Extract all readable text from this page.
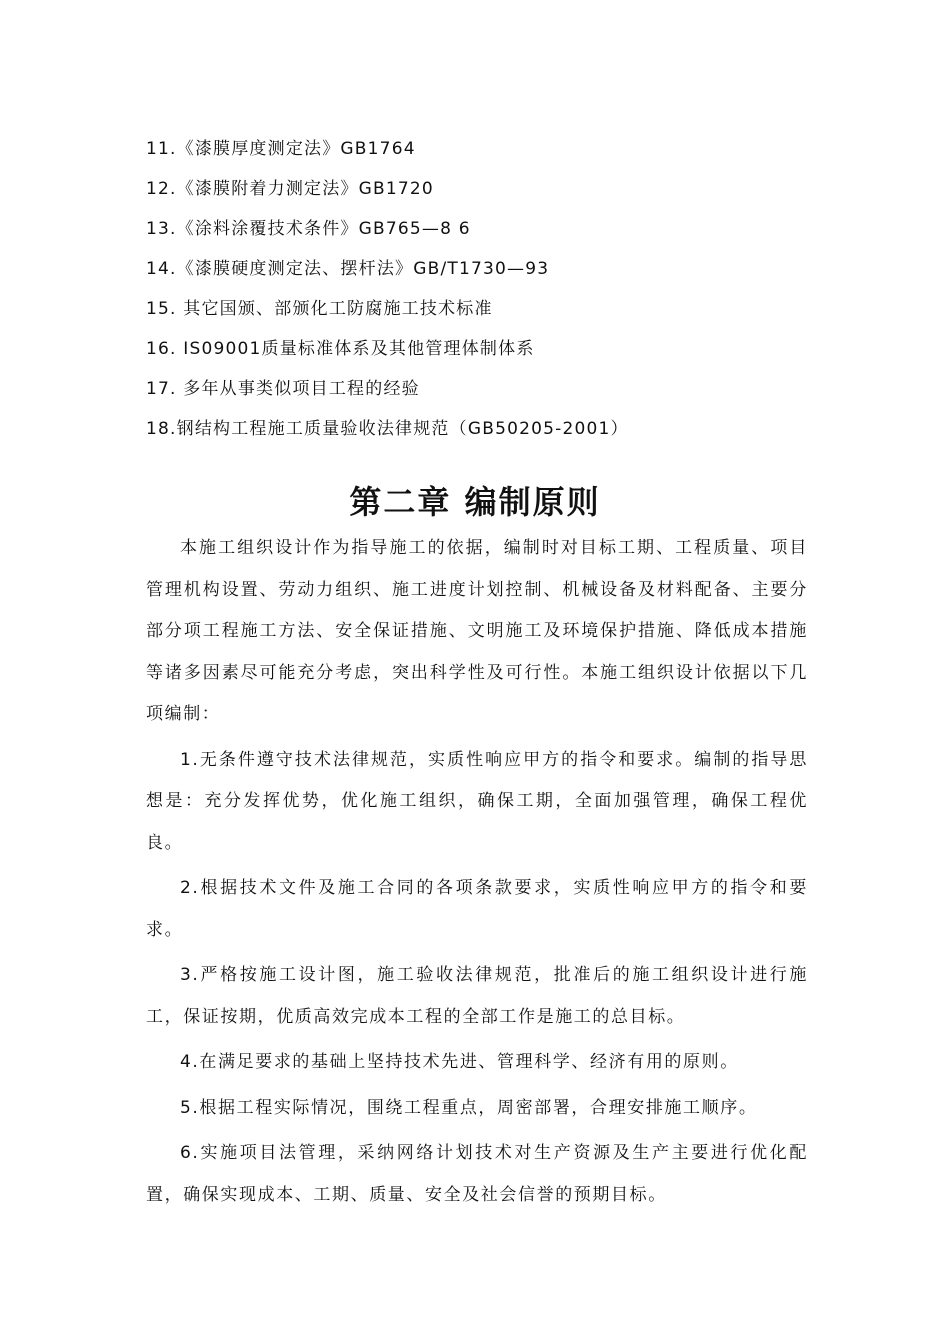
11.《漆膜厚度测定法》GB1764
12.《漆膜附着力测定法》GB1720
13.《涂料涂覆技术条件》GB765—8 6
14.《漆膜硬度测定法、摆杆法》GB/T1730—93
15. 其它国颁、部颁化工防腐施工技术标准
16. IS09001质量标准体系及其他管理体制体系
17. 多年从事类似项目工程的经验
18.钢结构工程施工质量验收法律规范（GB50205-2001）
第二章 编制原则

本施工组织设计作为指导施工的依据，编制时对目标工期、工程质量、项目管理机构设置、劳动力组织、施工进度计划控制、机械设备及材料配备、主要分部分项工程施工方法、安全保证措施、文明施工及环境保护措施、降低成本措施等诸多因素尽可能充分考虑，突出科学性及可行性。本施工组织设计依据以下几项编制：

1.无条件遵守技术法律规范，实质性响应甲方的指令和要求。编制的指导思想是：充分发挥优势，优化施工组织，确保工期，全面加强管理，确保工程优良。

2.根据技术文件及施工合同的各项条款要求，实质性响应甲方的指令和要求。

3.严格按施工设计图，施工验收法律规范，批准后的施工组织设计进行施工，保证按期，优质高效完成本工程的全部工作是施工的总目标。

4.在满足要求的基础上坚持技术先进、管理科学、经济有用的原则。

5.根据工程实际情况，围绕工程重点，周密部署，合理安排施工顺序。

6.实施项目法管理，采纳网络计划技术对生产资源及生产主要进行优化配置，确保实现成本、工期、质量、安全及社会信誉的预期目标。
